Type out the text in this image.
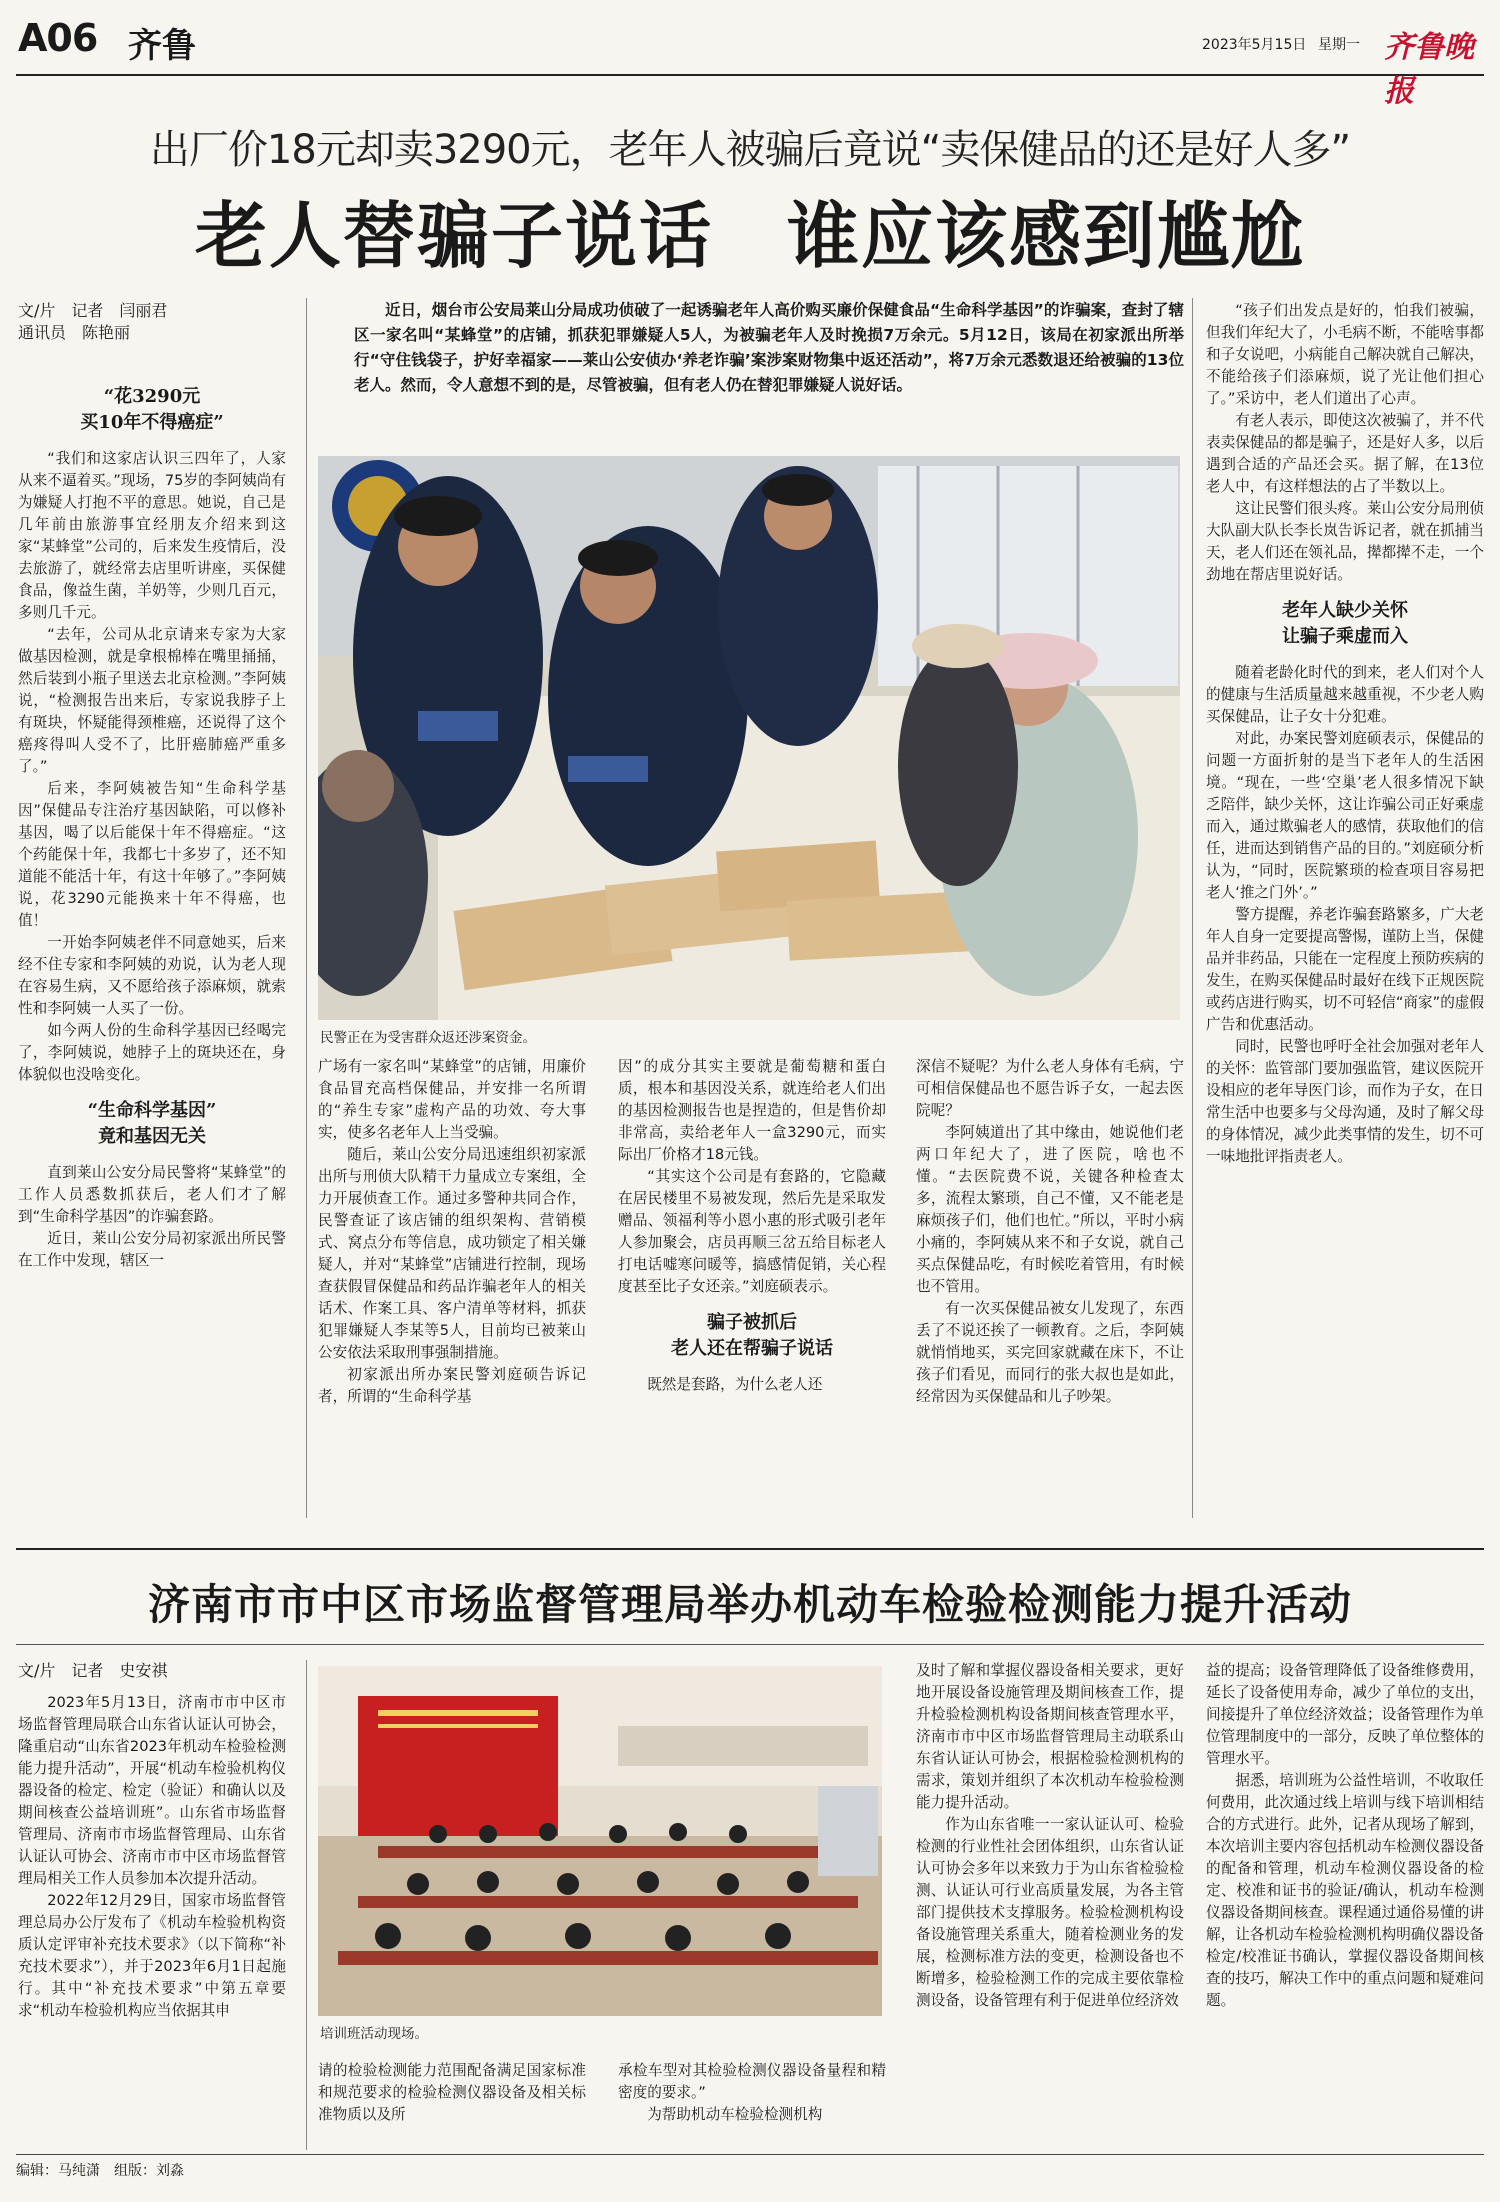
A06 齐鲁	2023年5月15日 星期一 齐鲁晚报
出厂价18元却卖3290元，老年人被骗后竟说“卖保健品的还是好人多”
老人替骗子说话　谁应该感到尴尬
文/片　记者　闫丽君
通讯员　陈艳丽
近日，烟台市公安局莱山分局成功侦破了一起诱骗老年人高价购买廉价保健食品“生命科学基因”的诈骗案，查封了辖区一家名叫“某蜂堂”的店铺，抓获犯罪嫌疑人5人，为被骗老年人及时挽损7万余元。5月12日，该局在初家派出所举行“守住钱袋子，护好幸福家——莱山公安侦办‘养老诈骗’案涉案财物集中返还活动”，将7万余元悉数退还给被骗的13位老人。然而，令人意想不到的是，尽管被骗，但有老人仍在替犯罪嫌疑人说好话。
“花3290元
买10年不得癌症”

“我们和这家店认识三四年了，人家从来不逼着买。”现场，75岁的李阿姨尚有为嫌疑人打抱不平的意思。她说，自己是几年前由旅游事宜经朋友介绍来到这家“某蜂堂”公司的，后来发生疫情后，没去旅游了，就经常去店里听讲座，买保健食品，像益生菌，羊奶等，少则几百元，多则几千元。

“去年，公司从北京请来专家为大家做基因检测，就是拿根棉棒在嘴里捅捅，然后装到小瓶子里送去北京检测。”李阿姨说，“检测报告出来后，专家说我脖子上有斑块，怀疑能得颈椎癌，还说得了这个癌疼得叫人受不了，比肝癌肺癌严重多了。”

后来，李阿姨被告知“生命科学基因”保健品专注治疗基因缺陷，可以修补基因，喝了以后能保十年不得癌症。“这个药能保十年，我都七十多岁了，还不知道能不能活十年，有这十年够了。”李阿姨说，花3290元能换来十年不得癌，也值！

一开始李阿姨老伴不同意她买，后来经不住专家和李阿姨的劝说，认为老人现在容易生病，又不愿给孩子添麻烦，就索性和李阿姨一人买了一份。

如今两人份的生命科学基因已经喝完了，李阿姨说，她脖子上的斑块还在，身体貌似也没啥变化。

“生命科学基因”
竟和基因无关

直到莱山公安分局民警将“某蜂堂”的工作人员悉数抓获后，老人们才了解到“生命科学基因”的诈骗套路。

近日，莱山公安分局初家派出所民警在工作中发现，辖区一

民警正在为受害群众返还涉案资金。

广场有一家名叫“某蜂堂”的店铺，用廉价食品冒充高档保健品，并安排一名所谓的“养生专家”虚构产品的功效、夸大事实，使多名老年人上当受骗。

随后，莱山公安分局迅速组织初家派出所与刑侦大队精干力量成立专案组，全力开展侦查工作。通过多警种共同合作，民警查证了该店铺的组织架构、营销模式、窝点分布等信息，成功锁定了相关嫌疑人，并对“某蜂堂”店铺进行控制，现场查获假冒保健品和药品诈骗老年人的相关话术、作案工具、客户清单等材料，抓获犯罪嫌疑人李某等5人，目前均已被莱山公安依法采取刑事强制措施。

初家派出所办案民警刘庭硕告诉记者，所谓的“生命科学基

因”的成分其实主要就是葡萄糖和蛋白质，根本和基因没关系，就连给老人们出的基因检测报告也是捏造的，但是售价却非常高，卖给老年人一盒3290元，而实际出厂价格才18元钱。

“其实这个公司是有套路的，它隐藏在居民楼里不易被发现，然后先是采取发赠品、领福利等小恩小惠的形式吸引老年人参加聚会，店员再顺三岔五给目标老人打电话嘘寒问暖等，搞感情促销，关心程度甚至比子女还亲。”刘庭硕表示。

骗子被抓后
老人还在帮骗子说话

既然是套路，为什么老人还

深信不疑呢？为什么老人身体有毛病，宁可相信保健品也不愿告诉子女，一起去医院呢？

李阿姨道出了其中缘由，她说他们老两口年纪大了，进了医院，啥也不懂。“去医院费不说，关键各种检查太多，流程太繁琐，自己不懂，又不能老是麻烦孩子们，他们也忙。”所以，平时小病小痛的，李阿姨从来不和子女说，就自己买点保健品吃，有时候吃着管用，有时候也不管用。

有一次买保健品被女儿发现了，东西丢了不说还挨了一顿教育。之后，李阿姨就悄悄地买，买完回家就藏在床下，不让孩子们看见，而同行的张大叔也是如此，经常因为买保健品和儿子吵架。

“孩子们出发点是好的，怕我们被骗，但我们年纪大了，小毛病不断，不能啥事都和子女说吧，小病能自己解决就自己解决，不能给孩子们添麻烦，说了光让他们担心了。”采访中，老人们道出了心声。

有老人表示，即使这次被骗了，并不代表卖保健品的都是骗子，还是好人多，以后遇到合适的产品还会买。据了解，在13位老人中，有这样想法的占了半数以上。

这让民警们很头疼。莱山公安分局刑侦大队副大队长李长岚告诉记者，就在抓捕当天，老人们还在领礼品，撵都撵不走，一个劲地在帮店里说好话。

老年人缺少关怀
让骗子乘虚而入

随着老龄化时代的到来，老人们对个人的健康与生活质量越来越重视，不少老人购买保健品，让子女十分犯难。

对此，办案民警刘庭硕表示，保健品的问题一方面折射的是当下老年人的生活困境。“现在，一些‘空巢’老人很多情况下缺乏陪伴，缺少关怀，这让诈骗公司正好乘虚而入，通过欺骗老人的感情，获取他们的信任，进而达到销售产品的目的。”刘庭硕分析认为，“同时，医院繁琐的检查项目容易把老人‘推之门外’。”

警方提醒，养老诈骗套路繁多，广大老年人自身一定要提高警惕，谨防上当，保健品并非药品，只能在一定程度上预防疾病的发生，在购买保健品时最好在线下正规医院或药店进行购买，切不可轻信“商家”的虚假广告和优惠活动。

同时，民警也呼吁全社会加强对老年人的关怀：监管部门要加强监管，建议医院开设相应的老年导医门诊，而作为子女，在日常生活中也要多与父母沟通，及时了解父母的身体情况，减少此类事情的发生，切不可一味地批评指责老人。

济南市市中区市场监督管理局举办机动车检验检测能力提升活动
文/片　记者　史安祺

2023年5月13日，济南市市中区市场监督管理局联合山东省认证认可协会，隆重启动“山东省2023年机动车检验检测能力提升活动”，开展“机动车检验机构仪器设备的检定、检定（验证）和确认以及期间核查公益培训班”。山东省市场监督管理局、济南市市场监督管理局、山东省认证认可协会、济南市市中区市场监督管理局相关工作人员参加本次提升活动。

2022年12月29日，国家市场监督管理总局办公厅发布了《机动车检验机构资质认定评审补充技术要求》（以下简称“补充技术要求”），并于2023年6月1日起施行。其中“补充技术要求”中第五章要求“机动车检验机构应当依据其申

培训班活动现场。

请的检验检测能力范围配备满足国家标准和规范要求的检验检测仪器设备及相关标准物质以及所

承检车型对其检验检测仪器设备量程和精密度的要求。”

为帮助机动车检验检测机构

及时了解和掌握仪器设备相关要求，更好地开展设备设施管理及期间核查工作，提升检验检测机构设备期间核查管理水平，济南市市中区市场监督管理局主动联系山东省认证认可协会，根据检验检测机构的需求，策划并组织了本次机动车检验检测能力提升活动。

作为山东省唯一一家认证认可、检验检测的行业性社会团体组织，山东省认证认可协会多年以来致力于为山东省检验检测、认证认可行业高质量发展，为各主管部门提供技术支撑服务。检验检测机构设备设施管理关系重大，随着检测业务的发展，检测标准方法的变更，检测设备也不断增多，检验检测工作的完成主要依靠检测设备，设备管理有利于促进单位经济效

益的提高；设备管理降低了设备维修费用，延长了设备使用寿命，减少了单位的支出，间接提升了单位经济效益；设备管理作为单位管理制度中的一部分，反映了单位整体的管理水平。

据悉，培训班为公益性培训，不收取任何费用，此次通过线上培训与线下培训相结合的方式进行。此外，记者从现场了解到，本次培训主要内容包括机动车检测仪器设备的配备和管理，机动车检测仪器设备的检定、校准和证书的验证/确认，机动车检测仪器设备期间核查。课程通过通俗易懂的讲解，让各机动车检验检测机构明确仪器设备检定/校准证书确认，掌握仪器设备期间核查的技巧，解决工作中的重点问题和疑难问题。

编辑：马纯潇　组版：刘淼
